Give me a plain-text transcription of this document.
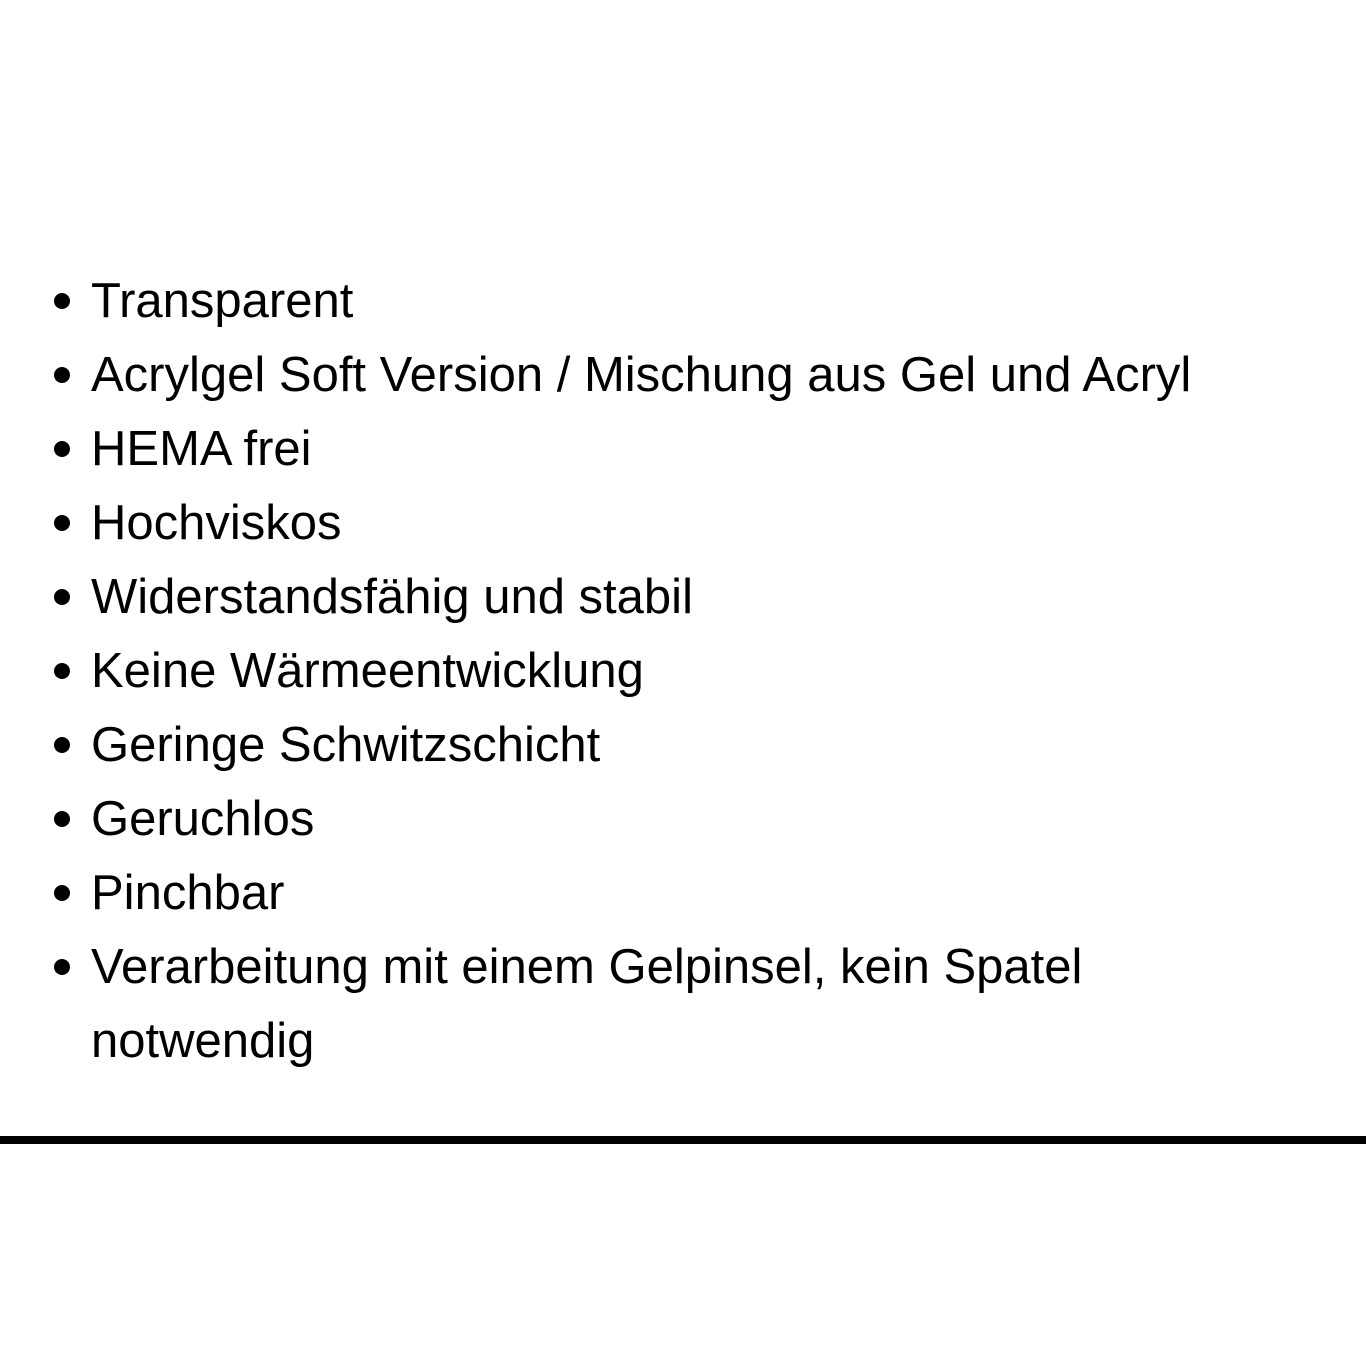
Transparent
Acrylgel Soft Version / Mischung aus Gel und Acryl
HEMA frei
Hochviskos
Widerstandsfähig und stabil
Keine Wärmeentwicklung
Geringe Schwitzschicht
Geruchlos
Pinchbar
Verarbeitung mit einem Gelpinsel, kein Spatel notwendig
